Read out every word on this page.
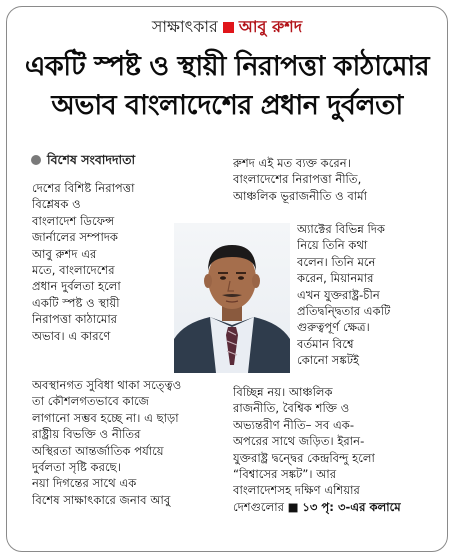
সাক্ষাৎকার আবু রুশদ
একটি স্পষ্ট ও স্থায়ী নিরাপত্তা কাঠামোর
অভাব বাংলাদেশের প্রধান দুর্বলতা
বিশেষ সংবাদদাতা
দেশের বিশিষ্ট নিরাপত্তা
বিশ্লেষক ও
বাংলাদেশ ডিফেন্স
জার্নালের সম্পাদক
আবু রুশদ এর
মতে, বাংলাদেশের
প্রধান দুর্বলতা হলো
একটি স্পষ্ট ও স্থায়ী
নিরাপত্তা কাঠামোর
অভাব। এ কারণে
অবস্থানগত সুবিধা থাকা সত্ত্বেও
তা কৌশলগতভাবে কাজে
লাগানো সম্ভব হচ্ছে না। এ ছাড়া
রাষ্ট্রীয় বিভক্তি ও নীতির
অস্থিরতা আন্তর্জাতিক পর্যায়ে
দুর্বলতা সৃষ্টি করছে।
নয়া দিগন্তের সাথে এক
বিশেষ সাক্ষাৎকারে জনাব আবু
রুশদ এই মত ব্যক্ত করেন।
বাংলাদেশের নিরাপত্তা নীতি,
আঞ্চলিক ভূরাজনীতি ও বার্মা
অ্যাক্টের বিভিন্ন দিক
নিয়ে তিনি কথা
বলেন। তিনি মনে
করেন, মিয়ানমার
এখন যুক্তরাষ্ট্র-চীন
প্রতিদ্বন্দ্বিতার একটি
গুরুত্বপূর্ণ ক্ষেত্র।
বর্তমান বিশ্বে
কোনো সঙ্কটই
বিচ্ছিন্ন নয়। আঞ্চলিক
রাজনীতি, বৈশ্বিক শক্তি ও
অভ্যন্তরীণ নীতি– সব এক-
অপরের সাথে জড়িত। ইরান-
যুক্তরাষ্ট্র দ্বন্দ্বের কেন্দ্রবিন্দু হলো
“বিশ্বাসের সঙ্কট”। আর
বাংলাদেশসহ দক্ষিণ এশিয়ার
দেশগুলোর ■ ১৩ পৃ: ৩-এর কলামে
